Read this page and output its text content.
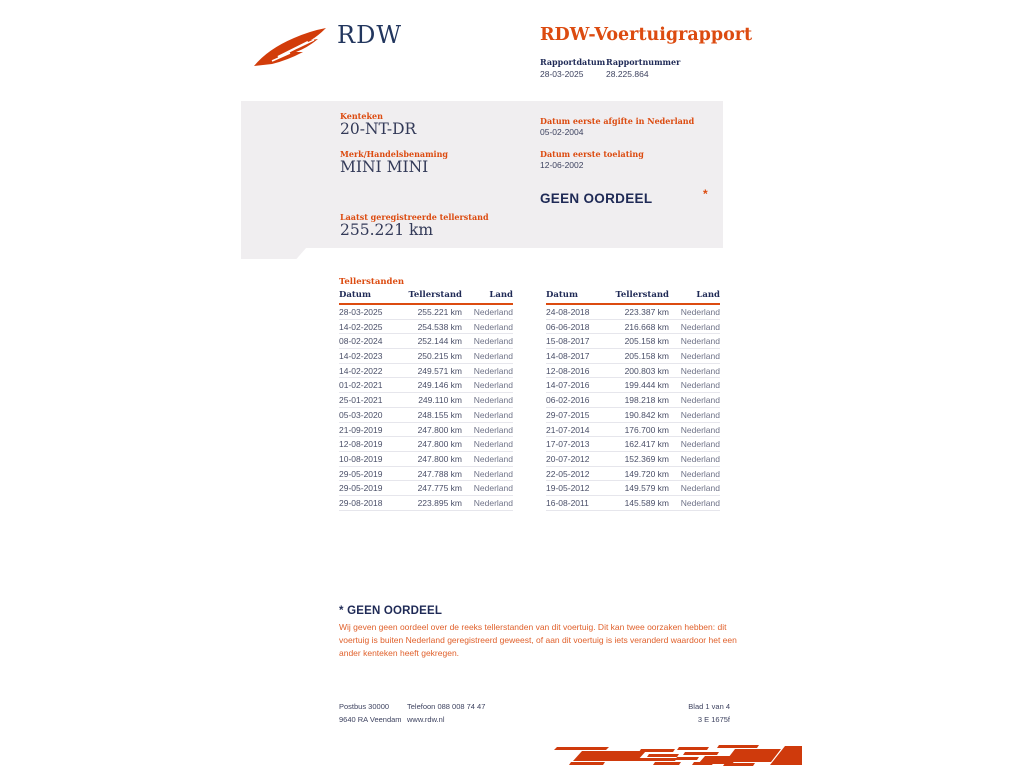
RDW	RDW-Voertuigrapport
Rapportdatum Rapportnummer
28-03-2025	28.225.864
Kenteken
20-NT-DR
Merk/Handelsbenaming
MINI MINI
Laatst geregistreerde tellerstand
255.221 km
Datum eerste afgifte in Nederland
05-02-2004
Datum eerste toelating
12-06-2002
GEEN OORDEEL	*
Tellerstanden
Datum	Tellerstand	Land
28-03-2025	255.221 km	Nederland
14-02-2025	254.538 km	Nederland
08-02-2024	252.144 km	Nederland
14-02-2023	250.215 km	Nederland
14-02-2022	249.571 km	Nederland
01-02-2021	249.146 km	Nederland
25-01-2021	249.110 km	Nederland
05-03-2020	248.155 km	Nederland
21-09-2019	247.800 km	Nederland
12-08-2019	247.800 km	Nederland
10-08-2019	247.800 km	Nederland
29-05-2019	247.788 km	Nederland
29-05-2019	247.775 km	Nederland
29-08-2018	223.895 km	Nederland
Datum	Tellerstand	Land
24-08-2018	223.387 km	Nederland
06-06-2018	216.668 km	Nederland
15-08-2017	205.158 km	Nederland
14-08-2017	205.158 km	Nederland
12-08-2016	200.803 km	Nederland
14-07-2016	199.444 km	Nederland
06-02-2016	198.218 km	Nederland
29-07-2015	190.842 km	Nederland
21-07-2014	176.700 km	Nederland
17-07-2013	162.417 km	Nederland
20-07-2012	152.369 km	Nederland
22-05-2012	149.720 km	Nederland
19-05-2012	149.579 km	Nederland
16-08-2011	145.589 km	Nederland
* GEEN OORDEEL
Wij geven geen oordeel over de reeks tellerstanden van dit voertuig. Dit kan twee oorzaken hebben: dit voertuig is buiten Nederland geregistreerd geweest, of aan dit voertuig is iets veranderd waardoor het een ander kenteken heeft gekregen.
Postbus 30000
9640 RA Veendam
Telefoon 088 008 74 47
www.rdw.nl
Blad 1 van 4
3 E 1675f
